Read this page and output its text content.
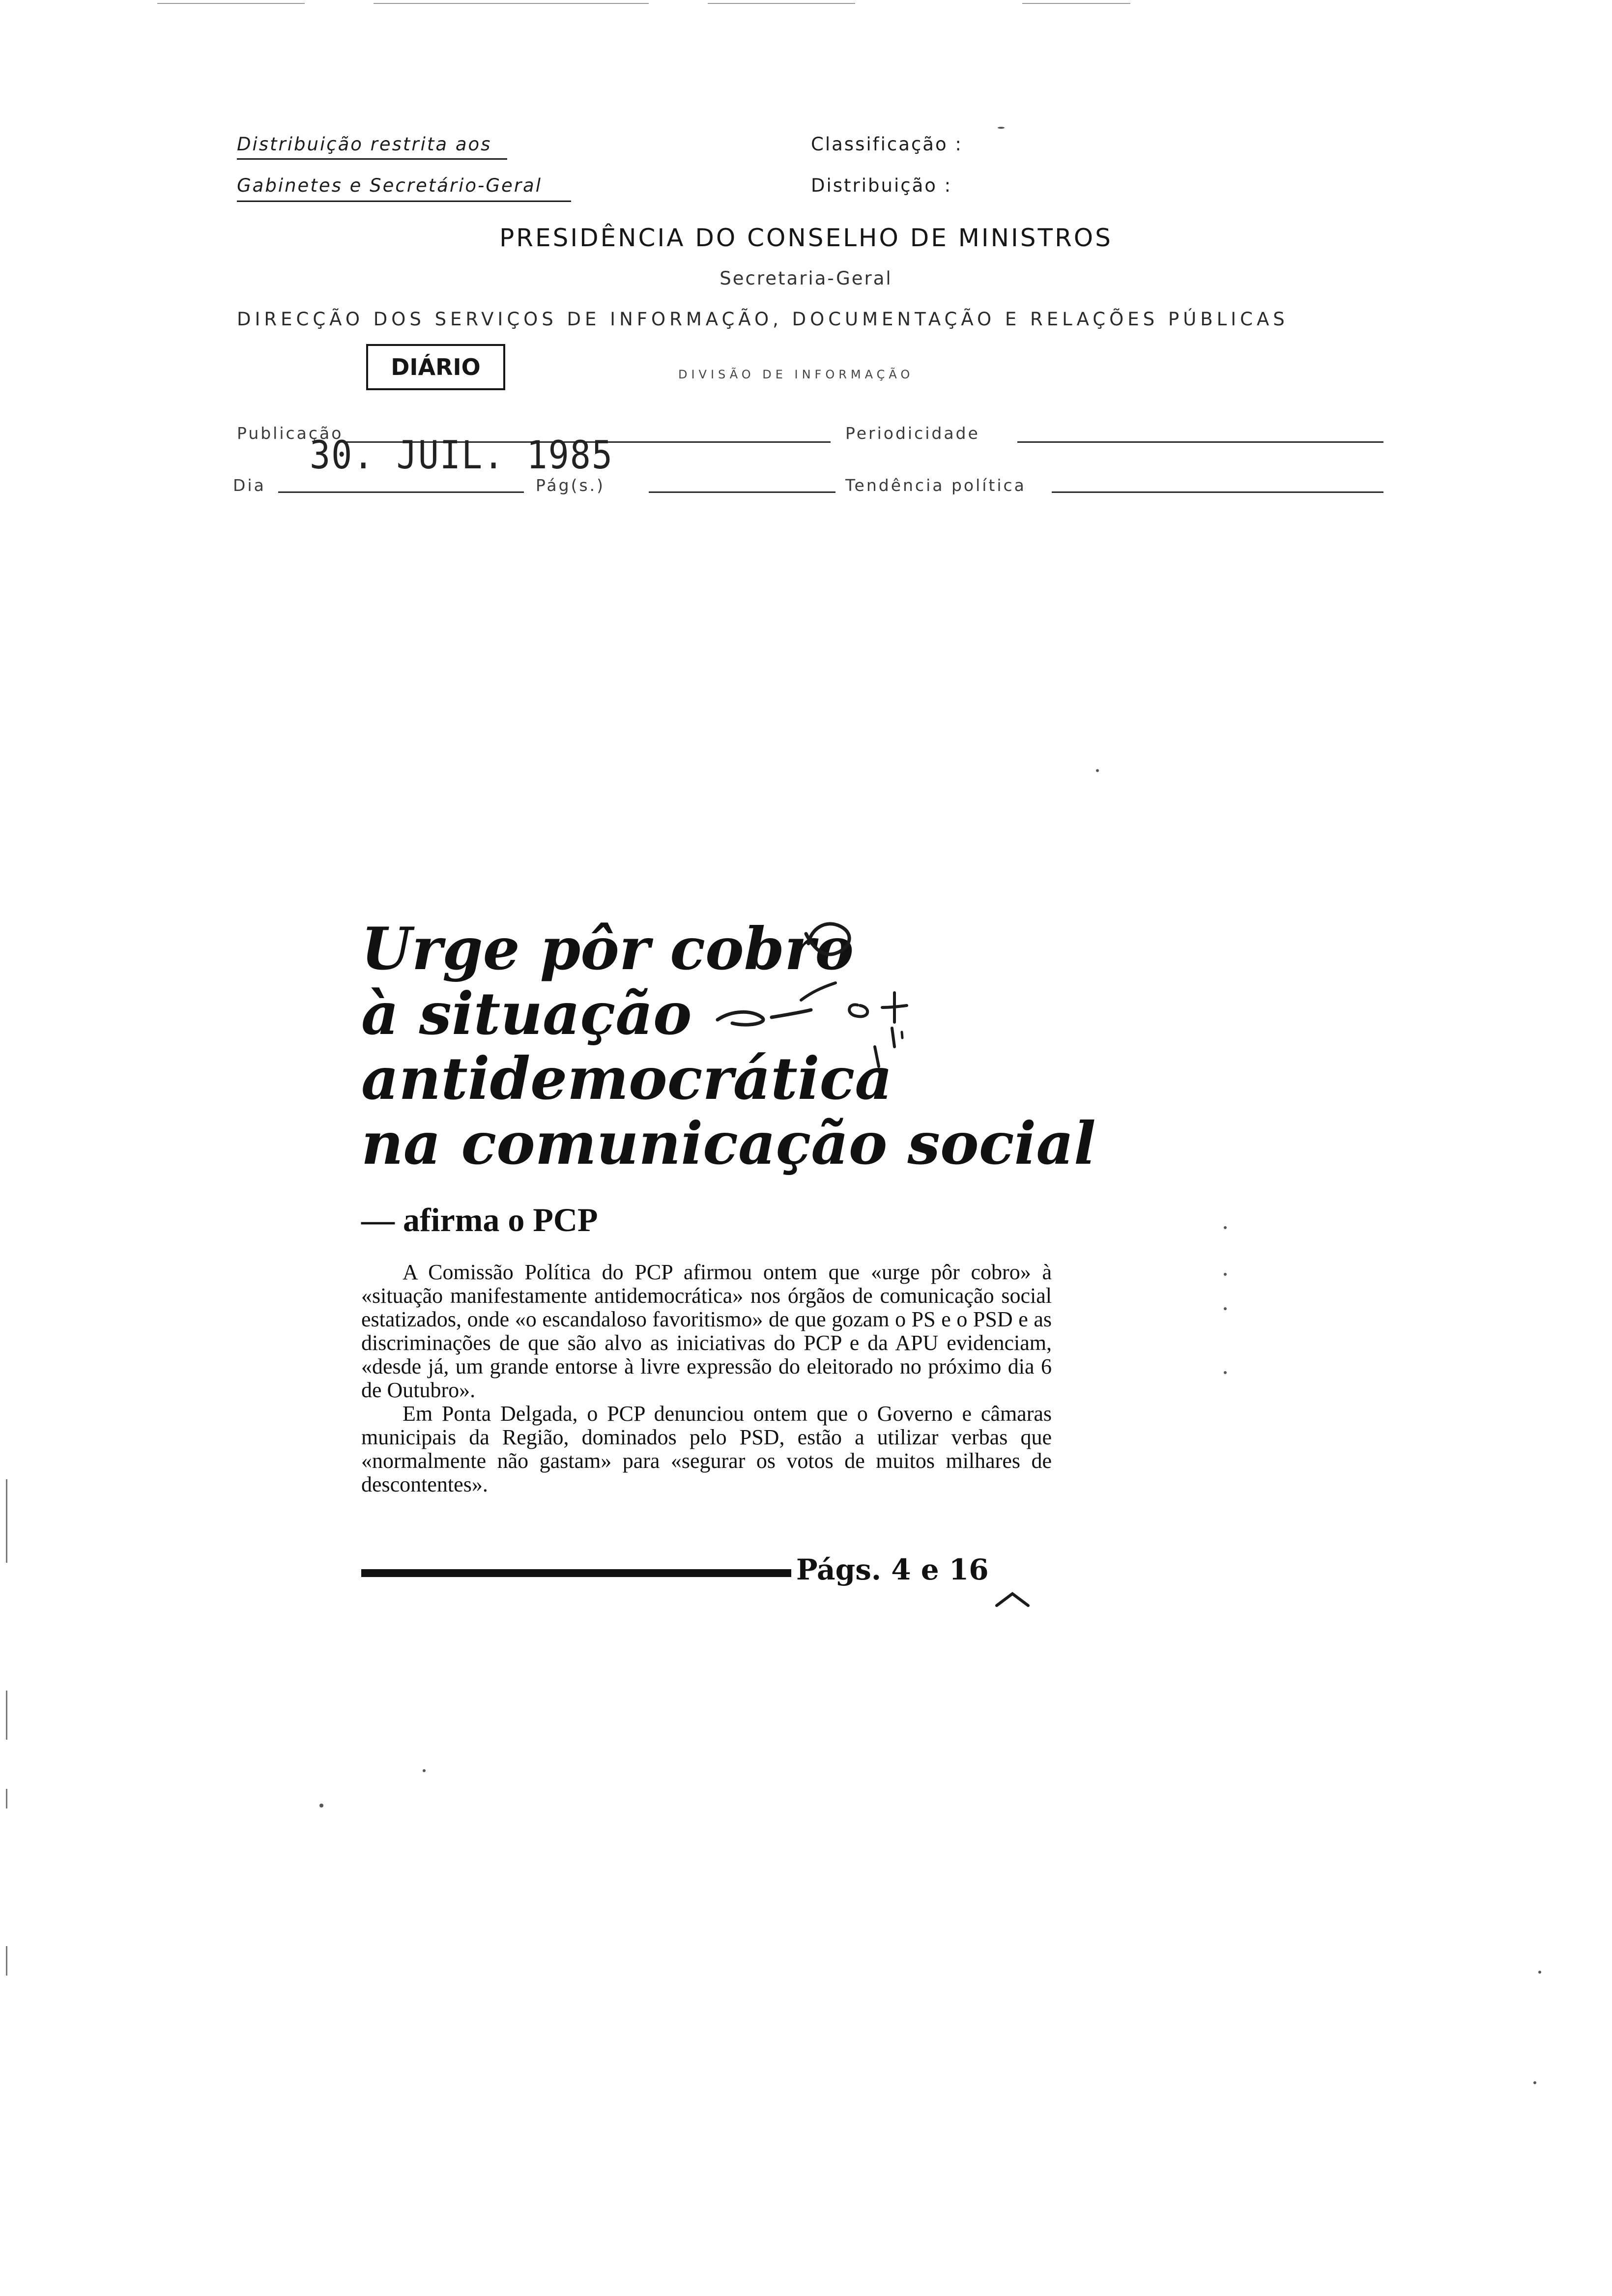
Distribuição restrita aos
Gabinetes e Secretário-Geral
Classificação :
Distribuição :
PRESIDÊNCIA DO CONSELHO DE MINISTROS
Secretaria-Geral
DIRECÇÃO DOS SERVIÇOS DE INFORMAÇÃO, DOCUMENTAÇÃO E RELAÇÕES PÚBLICAS
DIÁRIO	DIVISÃO DE INFORMAÇÃO
Publicação	Periodicidade
30. JUIL. 1985
Dia	Pág(s.)	Tendência política
Urge pôr cobro
à situação
antidemocrática
na comunicação social
— afirma o PCP

A Comissão Política do PCP afirmou ontem que «urge pôr cobro» à «situação manifestamente antidemocrática» nos órgãos de comunicação social estatizados, onde «o escandaloso favoritismo» de que gozam o PS e o PSD e as discriminações de que são alvo as iniciativas do PCP e da APU evidenciam, «desde já, um grande entorse à livre expressão do eleitorado no próximo dia 6 de Outubro».

Em Ponta Delgada, o PCP denunciou ontem que o Governo e câmaras municipais da Região, dominados pelo PSD, estão a utilizar verbas que «normalmente não gastam» para «segurar os votos de muitos milhares de descontentes».

Págs. 4 e 16
